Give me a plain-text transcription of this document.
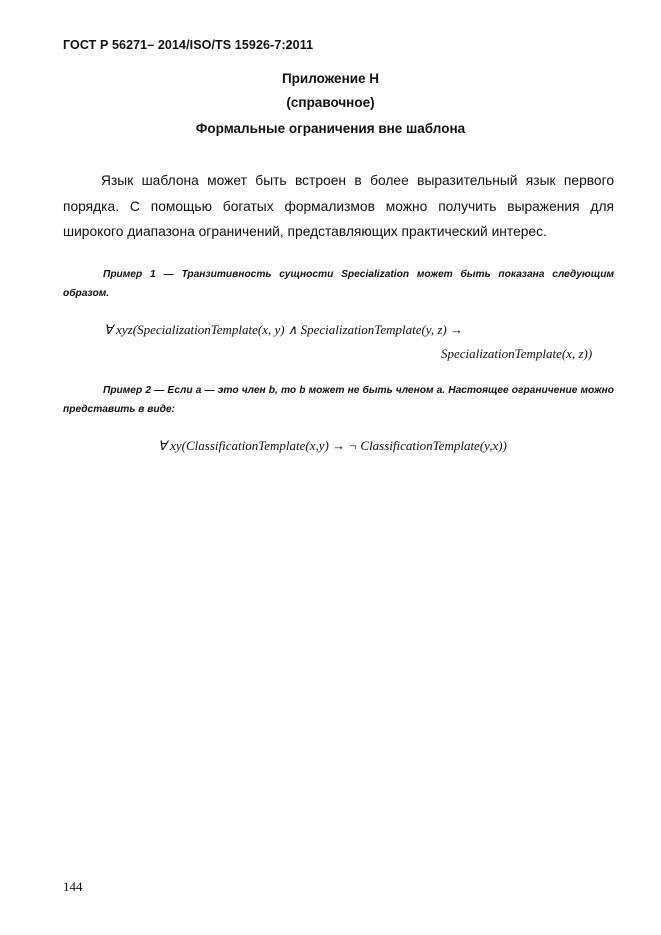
ГОСТ Р 56271– 2014/ISO/TS 15926-7:2011
Приложение Н
(справочное)
Формальные ограничения вне шаблона

Язык шаблона может быть встроен в более выразительный язык первого порядка. С помощью богатых формализмов можно получить выражения для широкого диапазона ограничений, представляющих практический интерес.

Пример 1 — Транзитивность сущности Specialization может быть показана следующим образом.

∀ xyz(SpecializationTemplate(x, y) ∧ SpecializationTemplate(y, z) →
SpecializationTemplate(x, z))

Пример 2 — Если a — это член b, то b может не быть членом a. Настоящее ограничение можно представить в виде:

∀ xy(ClassificationTemplate(x,y) → ¬ ClassificationTemplate(y,x))
144
